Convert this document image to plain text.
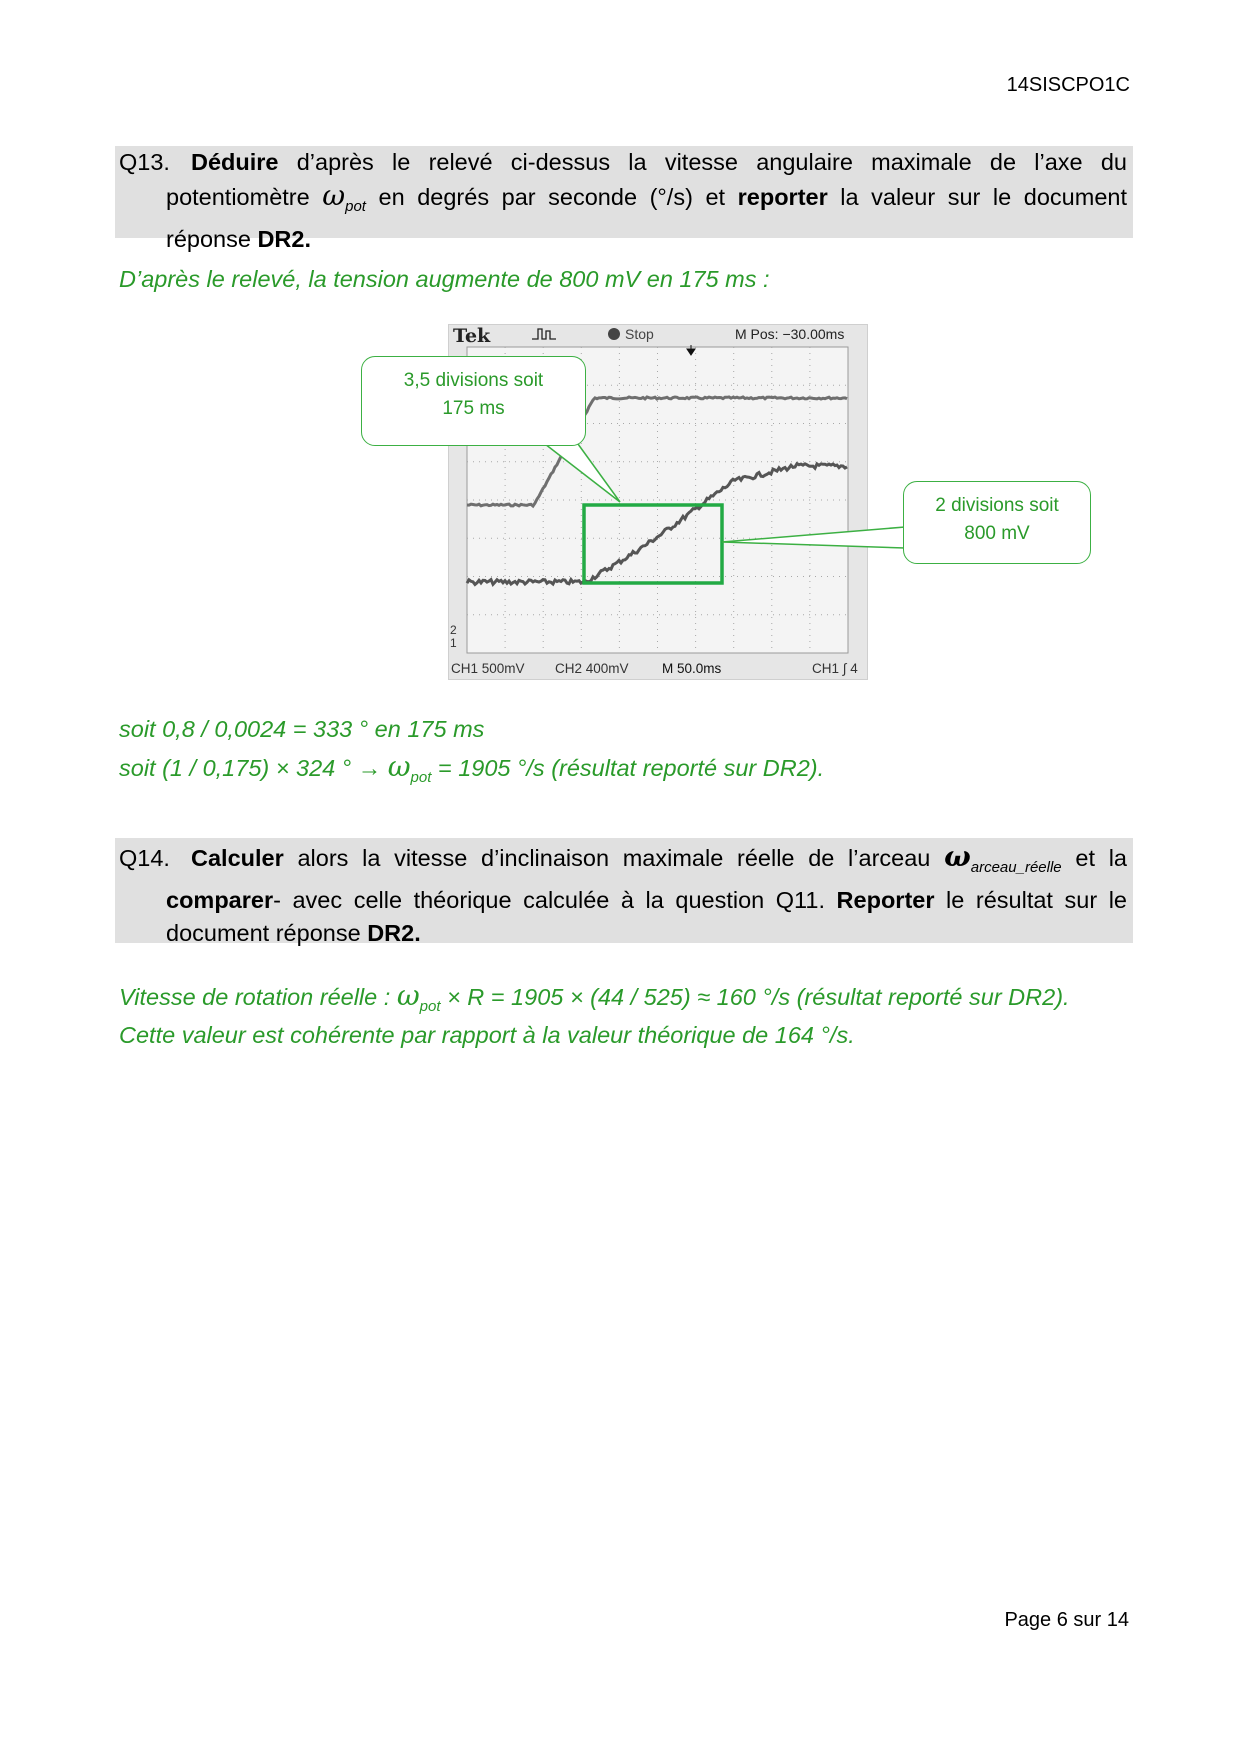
14SISCPO1C

Q13. Déduire d’après le relevé ci-dessus la vitesse angulaire maximale de l’axe du potentiomètre $\omega_{pot}$ en degrés par seconde (°/s) et reporter la valeur sur le document réponse DR2.

D’après le relevé, la tension augmente de 800 mV en 175 ms :
Tek	Stop	M Pos: −30.00ms
2
1
CH1 500mV CH2 400mV M 50.0ms	CH1 ∫ 4
3,5 divisions soit
175 ms
2 divisions soit
800 mV
soit 0,8 / 0,0024 = 333 ° en 175 ms
soit (1 / 0,175) × 324 ° → $\omega_{pot} = 1905$ °/s (résultat reporté sur DR2).

Q14. Calculer alors la vitesse d’inclinaison maximale réelle de l’arceau $\omega_{arceau\_réelle}$ et la comparer- avec celle théorique calculée à la question Q11. Reporter le résultat sur le document réponse DR2.

Vitesse de rotation réelle : $\omega_{pot} \times R = 1905 \times (44 / 525) \approx 160$ °/s (résultat reporté sur DR2).
Cette valeur est cohérente par rapport à la valeur théorique de 164 °/s.
Page 6 sur 14
